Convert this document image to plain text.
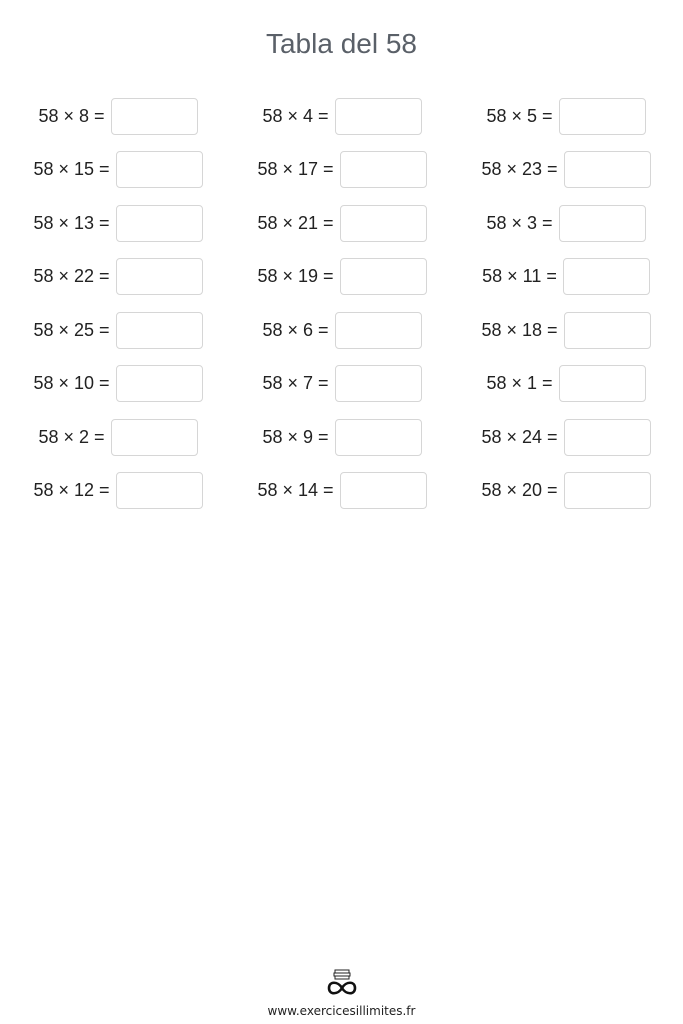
Tabla del 58
58 × 8 =	58 × 4 =	58 × 5 =
58 × 15 =	58 × 17 =	58 × 23 =
58 × 13 =	58 × 21 =	58 × 3 =
58 × 22 =	58 × 19 =	58 × 11 =
58 × 25 =	58 × 6 =	58 × 18 =
58 × 10 =	58 × 7 =	58 × 1 =
58 × 2 =	58 × 9 =	58 × 24 =
58 × 12 =	58 × 14 =	58 × 20 =
www.exercicesillimites.fr
